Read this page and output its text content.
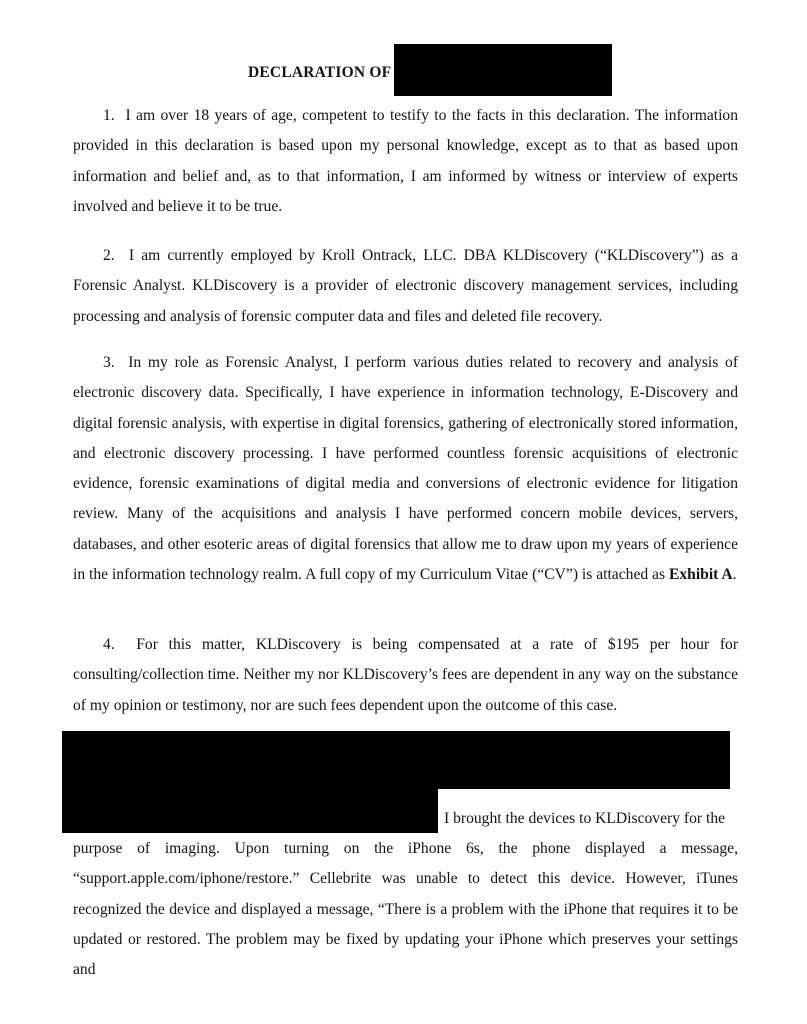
DECLARATION OF

1. I am over 18 years of age, competent to testify to the facts in this declaration. The information provided in this declaration is based upon my personal knowledge, except as to that as based upon information and belief and, as to that information, I am informed by witness or interview of experts involved and believe it to be true.

2. I am currently employed by Kroll Ontrack, LLC. DBA KLDiscovery (“KLDiscovery”) as a Forensic Analyst. KLDiscovery is a provider of electronic discovery management services, including processing and analysis of forensic computer data and files and deleted file recovery.

3. In my role as Forensic Analyst, I perform various duties related to recovery and analysis of electronic discovery data. Specifically, I have experience in information technology, E-Discovery and digital forensic analysis, with expertise in digital forensics, gathering of electronically stored information, and electronic discovery processing. I have performed countless forensic acquisitions of electronic evidence, forensic examinations of digital media and conversions of electronic evidence for litigation review. Many of the acquisitions and analysis I have performed concern mobile devices, servers, databases, and other esoteric areas of digital forensics that allow me to draw upon my years of experience in the information technology realm. A full copy of my Curriculum Vitae (“CV”) is attached as Exhibit A.

4. For this matter, KLDiscovery is being compensated at a rate of $195 per hour for consulting/collection time. Neither my nor KLDiscovery’s fees are dependent in any way on the substance of my opinion or testimony, nor are such fees dependent upon the outcome of this case.

I brought the devices to KLDiscovery for the

purpose of imaging. Upon turning on the iPhone 6s, the phone displayed a message, “support.apple.com/iphone/restore.” Cellebrite was unable to detect this device. However, iTunes recognized the device and displayed a message, “There is a problem with the iPhone that requires it to be updated or restored. The problem may be fixed by updating your iPhone which preserves your settings and
